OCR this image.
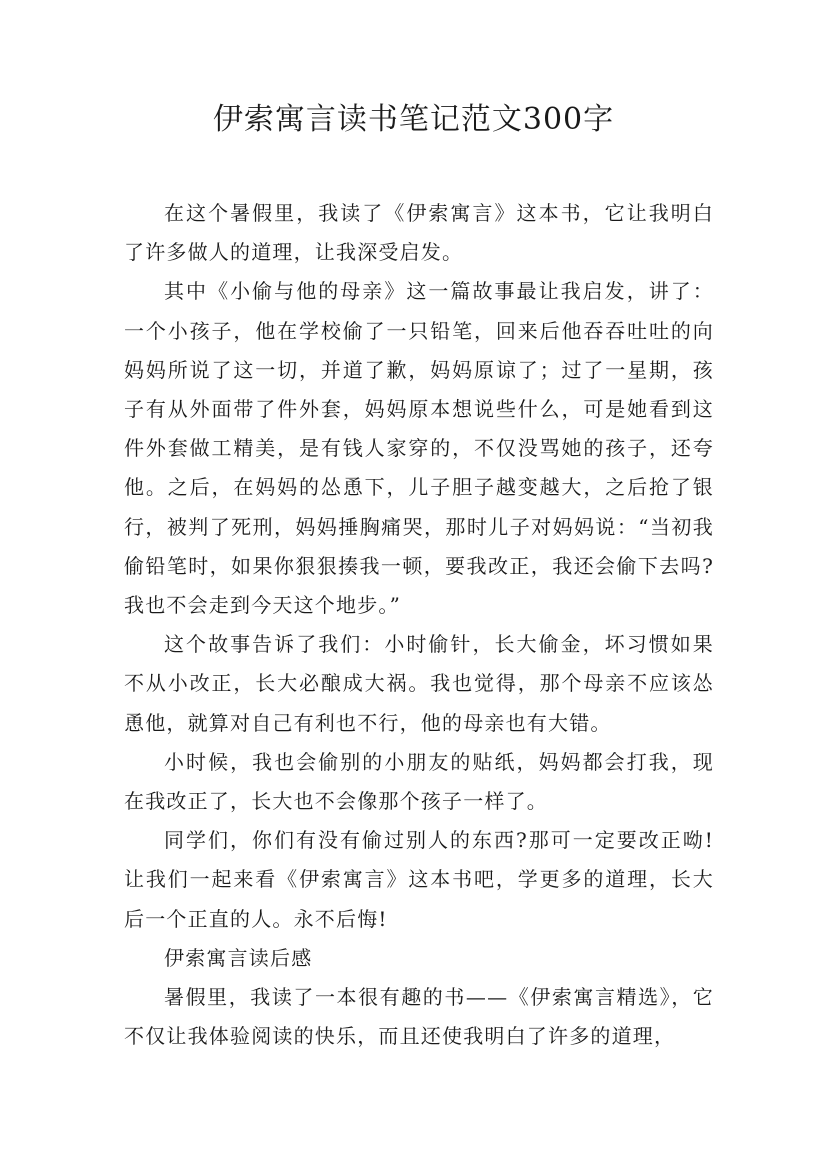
伊索寓言读书笔记范文300字

在这个暑假里，我读了《伊索寓言》这本书，它让我明白了许多做人的道理，让我深受启发。

其中《小偷与他的母亲》这一篇故事最让我启发，讲了：一个小孩子，他在学校偷了一只铅笔，回来后他吞吞吐吐的向妈妈所说了这一切，并道了歉，妈妈原谅了；过了一星期，孩子有从外面带了件外套，妈妈原本想说些什么，可是她看到这件外套做工精美，是有钱人家穿的，不仅没骂她的孩子，还夸他。之后，在妈妈的怂恿下，儿子胆子越变越大，之后抢了银行，被判了死刑，妈妈捶胸痛哭，那时儿子对妈妈说：“当初我偷铅笔时，如果你狠狠揍我一顿，要我改正，我还会偷下去吗?我也不会走到今天这个地步。”

这个故事告诉了我们：小时偷针，长大偷金，坏习惯如果不从小改正，长大必酿成大祸。我也觉得，那个母亲不应该怂恿他，就算对自己有利也不行，他的母亲也有大错。

小时候，我也会偷别的小朋友的贴纸，妈妈都会打我，现在我改正了，长大也不会像那个孩子一样了。

同学们，你们有没有偷过别人的东西?那可一定要改正呦!让我们一起来看《伊索寓言》这本书吧，学更多的道理，长大后一个正直的人。永不后悔!

伊索寓言读后感

暑假里，我读了一本很有趣的书——《伊索寓言精选》，它不仅让我体验阅读的快乐，而且还使我明白了许多的道理，
